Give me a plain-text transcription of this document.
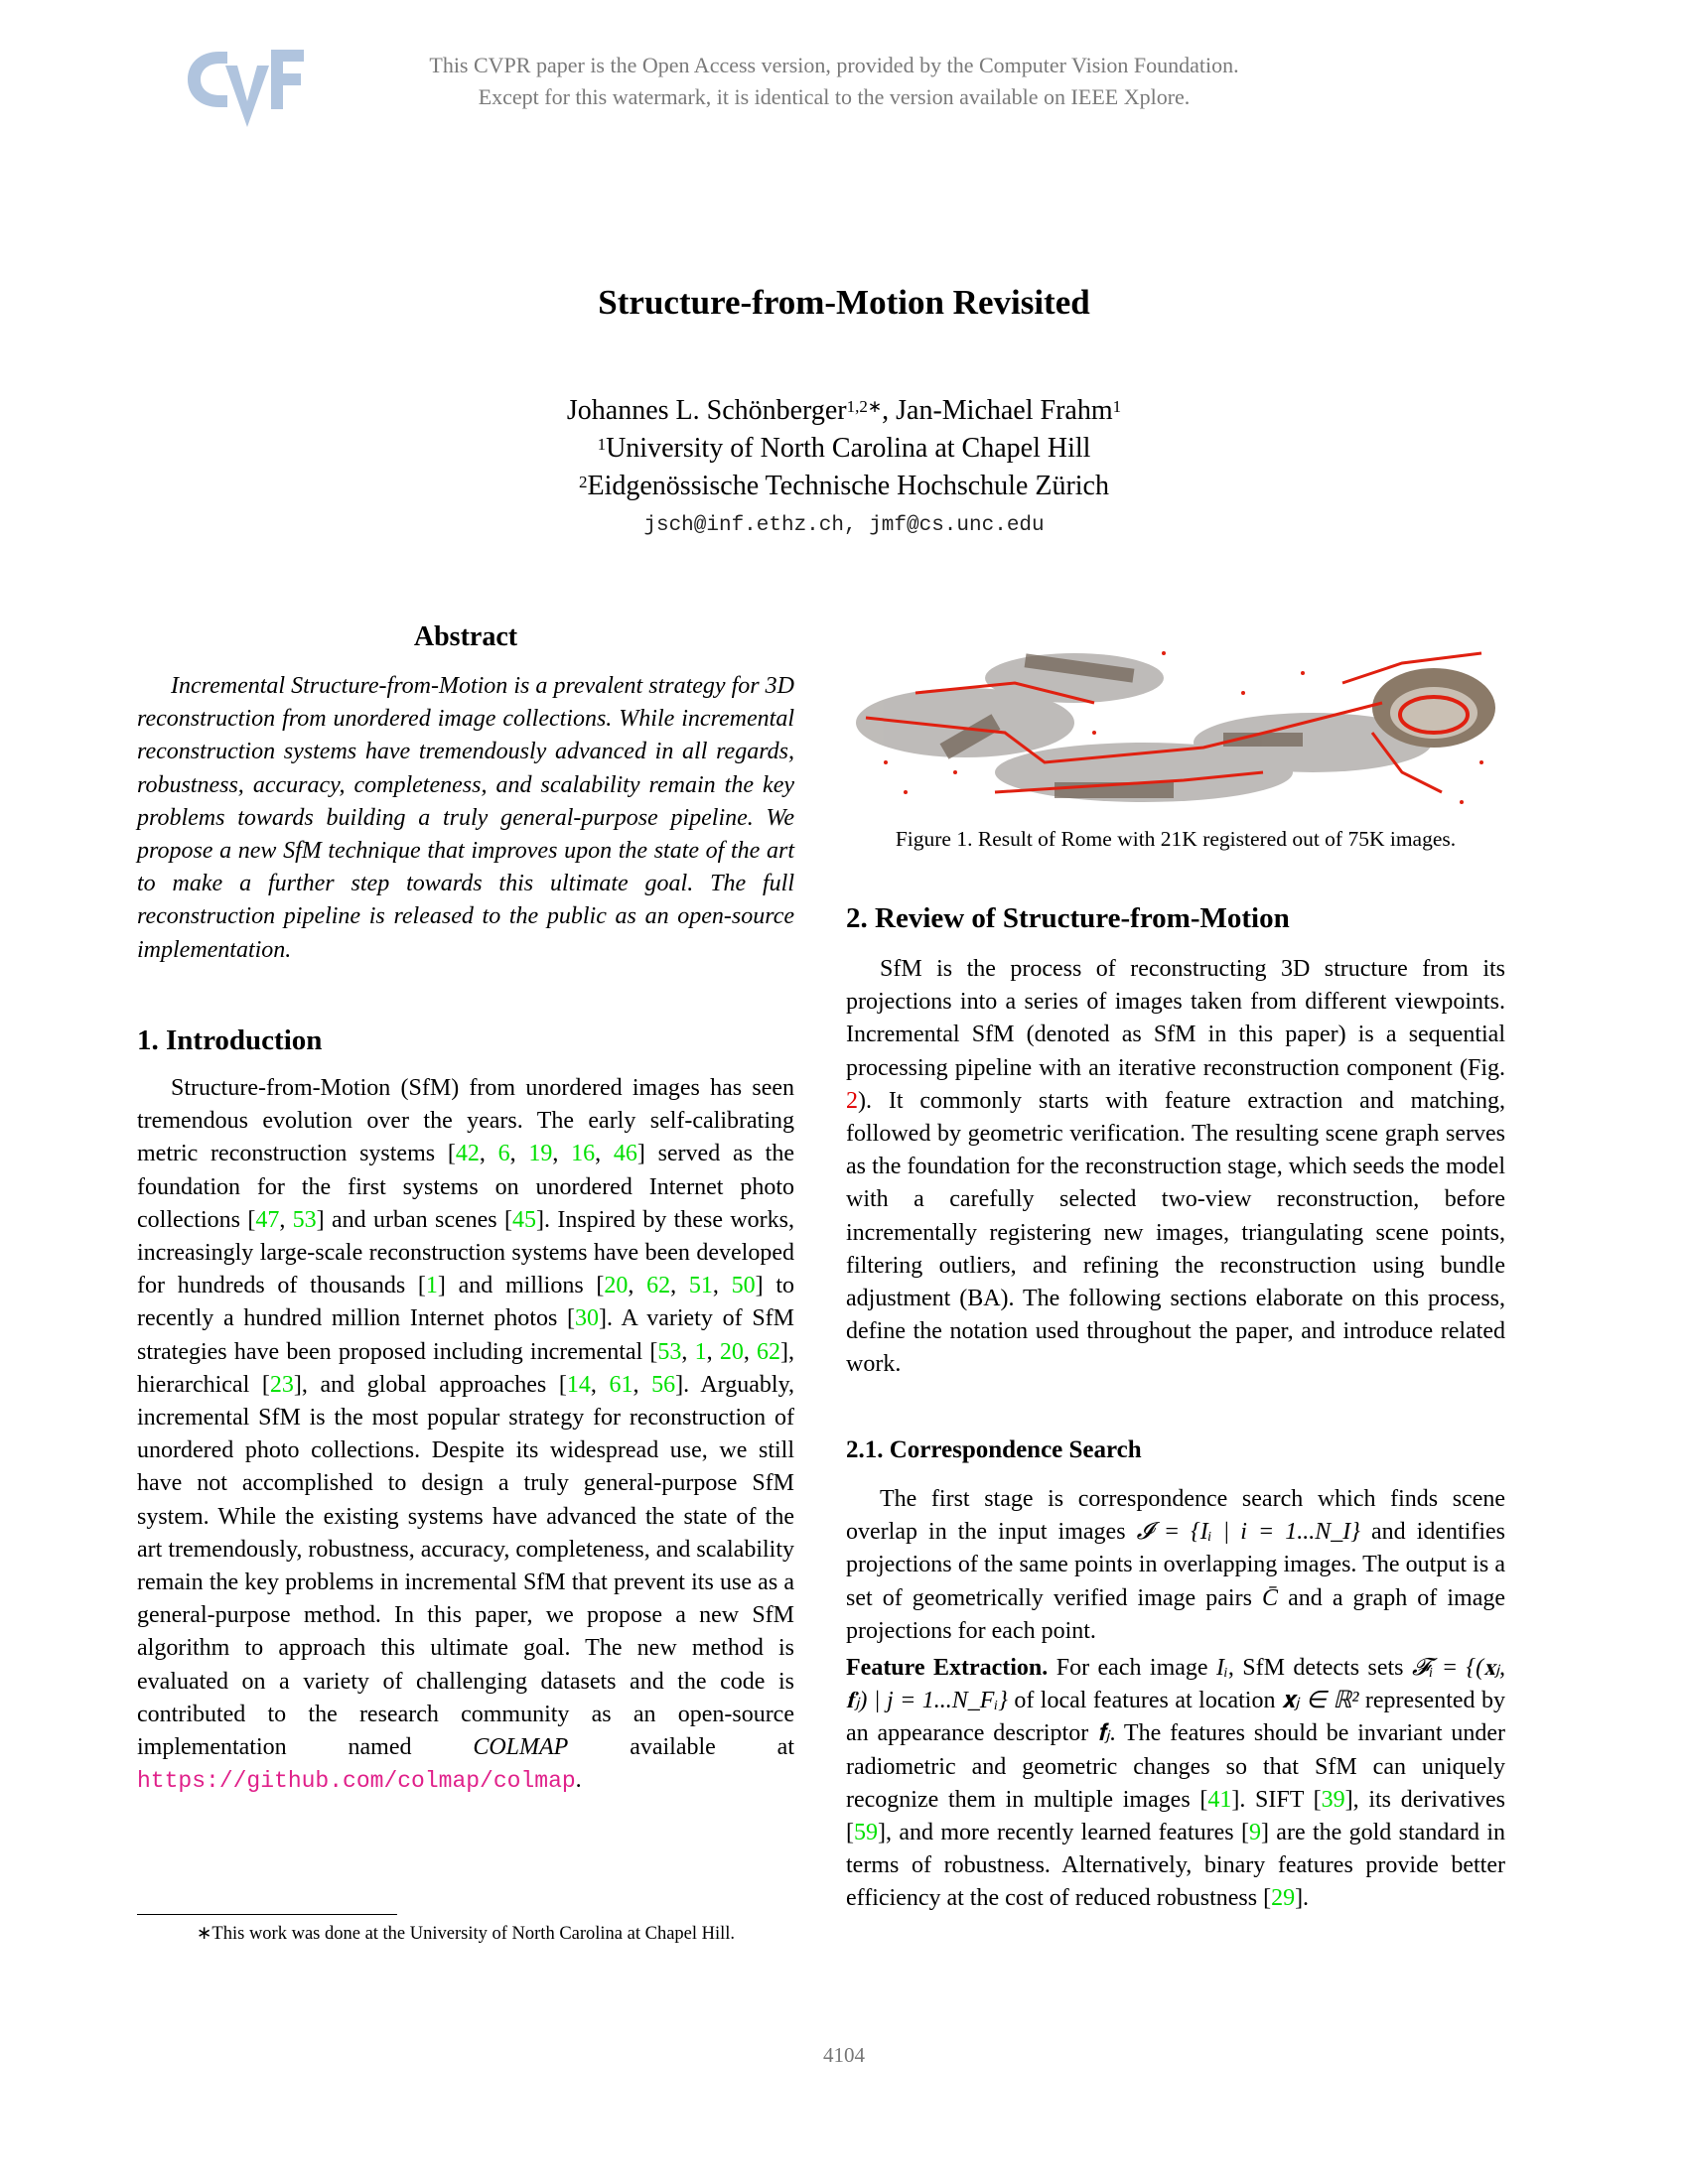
This CVPR paper is the Open Access version, provided by the Computer Vision Foundation.
Except for this watermark, it is identical to the version available on IEEE Xplore.
Structure-from-Motion Revisited
Johannes L. Schönberger$^{1,2∗}$, Jan-Michael Frahm$^1$
$^1$University of North Carolina at Chapel Hill
$^2$Eidgenössische Technische Hochschule Zürich
jsch@inf.ethz.ch, jmf@cs.unc.edu
Abstract

Incremental Structure-from-Motion is a prevalent strategy for 3D reconstruction from unordered image collections. While incremental reconstruction systems have tremendously advanced in all regards, robustness, accuracy, completeness, and scalability remain the key problems towards building a truly general-purpose pipeline. We propose a new SfM technique that improves upon the state of the art to make a further step towards this ultimate goal. The full reconstruction pipeline is released to the public as an open-source implementation.

1. Introduction

Structure-from-Motion (SfM) from unordered images has seen tremendous evolution over the years. The early self-calibrating metric reconstruction systems [42, 6, 19, 16, 46] served as the foundation for the first systems on unordered Internet photo collections [47, 53] and urban scenes [45]. Inspired by these works, increasingly large-scale reconstruction systems have been developed for hundreds of thousands [1] and millions [20, 62, 51, 50] to recently a hundred million Internet photos [30]. A variety of SfM strategies have been proposed including incremental [53, 1, 20, 62], hierarchical [23], and global approaches [14, 61, 56]. Arguably, incremental SfM is the most popular strategy for reconstruction of unordered photo collections. Despite its widespread use, we still have not accomplished to design a truly general-purpose SfM system. While the existing systems have advanced the state of the art tremendously, robustness, accuracy, completeness, and scalability remain the key problems in incremental SfM that prevent its use as a general-purpose method. In this paper, we propose a new SfM algorithm to approach this ultimate goal. The new method is evaluated on a variety of challenging datasets and the code is contributed to the research community as an open-source implementation named COLMAP available at https://github.com/colmap/colmap.

∗This work was done at the University of North Carolina at Chapel Hill.
Figure 1. Result of Rome with 21K registered out of 75K images.
2. Review of Structure-from-Motion

SfM is the process of reconstructing 3D structure from its projections into a series of images taken from different viewpoints. Incremental SfM (denoted as SfM in this paper) is a sequential processing pipeline with an iterative reconstruction component (Fig. 2). It commonly starts with feature extraction and matching, followed by geometric verification. The resulting scene graph serves as the foundation for the reconstruction stage, which seeds the model with a carefully selected two-view reconstruction, before incrementally registering new images, triangulating scene points, filtering outliers, and refining the reconstruction using bundle adjustment (BA). The following sections elaborate on this process, define the notation used throughout the paper, and introduce related work.

2.1. Correspondence Search

The first stage is correspondence search which finds scene overlap in the input images 𝓘 = {Iᵢ | i = 1...N_I} and identifies projections of the same points in overlapping images. The output is a set of geometrically verified image pairs C̄ and a graph of image projections for each point.

Feature Extraction. For each image Iᵢ, SfM detects sets 𝓕ᵢ = {(𝐱ⱼ, 𝐟ⱼ) | j = 1...N_Fᵢ} of local features at location 𝐱ⱼ ∈ ℝ² represented by an appearance descriptor 𝐟ⱼ. The features should be invariant under radiometric and geometric changes so that SfM can uniquely recognize them in multiple images [41]. SIFT [39], its derivatives [59], and more recently learned features [9] are the gold standard in terms of robustness. Alternatively, binary features provide better efficiency at the cost of reduced robustness [29].

4104
